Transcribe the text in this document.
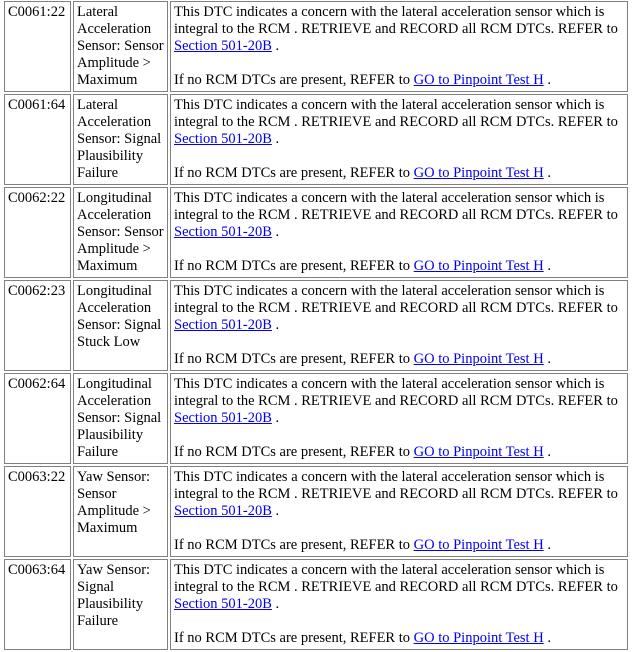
C0061:22	Lateral Acceleration Sensor: Sensor Amplitude > Maximum	This DTC indicates a concern with the lateral acceleration sensor which is integral to the RCM . RETRIEVE and RECORD all RCM DTCs. REFER to Section 501-20B .
If no RCM DTCs are present, REFER to GO to Pinpoint Test H .

C0061:64	Lateral Acceleration Sensor: Signal Plausibility Failure	This DTC indicates a concern with the lateral acceleration sensor which is integral to the RCM . RETRIEVE and RECORD all RCM DTCs. REFER to Section 501-20B .
If no RCM DTCs are present, REFER to GO to Pinpoint Test H .

C0062:22	Longitudinal Acceleration Sensor: Sensor Amplitude > Maximum	This DTC indicates a concern with the lateral acceleration sensor which is integral to the RCM . RETRIEVE and RECORD all RCM DTCs. REFER to Section 501-20B .
If no RCM DTCs are present, REFER to GO to Pinpoint Test H .

C0062:23	Longitudinal Acceleration Sensor: Signal Stuck Low	This DTC indicates a concern with the lateral acceleration sensor which is integral to the RCM . RETRIEVE and RECORD all RCM DTCs. REFER to Section 501-20B .
If no RCM DTCs are present, REFER to GO to Pinpoint Test H .

C0062:64	Longitudinal Acceleration Sensor: Signal Plausibility Failure	This DTC indicates a concern with the lateral acceleration sensor which is integral to the RCM . RETRIEVE and RECORD all RCM DTCs. REFER to Section 501-20B .
If no RCM DTCs are present, REFER to GO to Pinpoint Test H .

C0063:22	Yaw Sensor: Sensor Amplitude > Maximum	This DTC indicates a concern with the lateral acceleration sensor which is integral to the RCM . RETRIEVE and RECORD all RCM DTCs. REFER to Section 501-20B .
If no RCM DTCs are present, REFER to GO to Pinpoint Test H .

C0063:64	Yaw Sensor: Signal Plausibility Failure	This DTC indicates a concern with the lateral acceleration sensor which is integral to the RCM . RETRIEVE and RECORD all RCM DTCs. REFER to Section 501-20B .
If no RCM DTCs are present, REFER to GO to Pinpoint Test H .
